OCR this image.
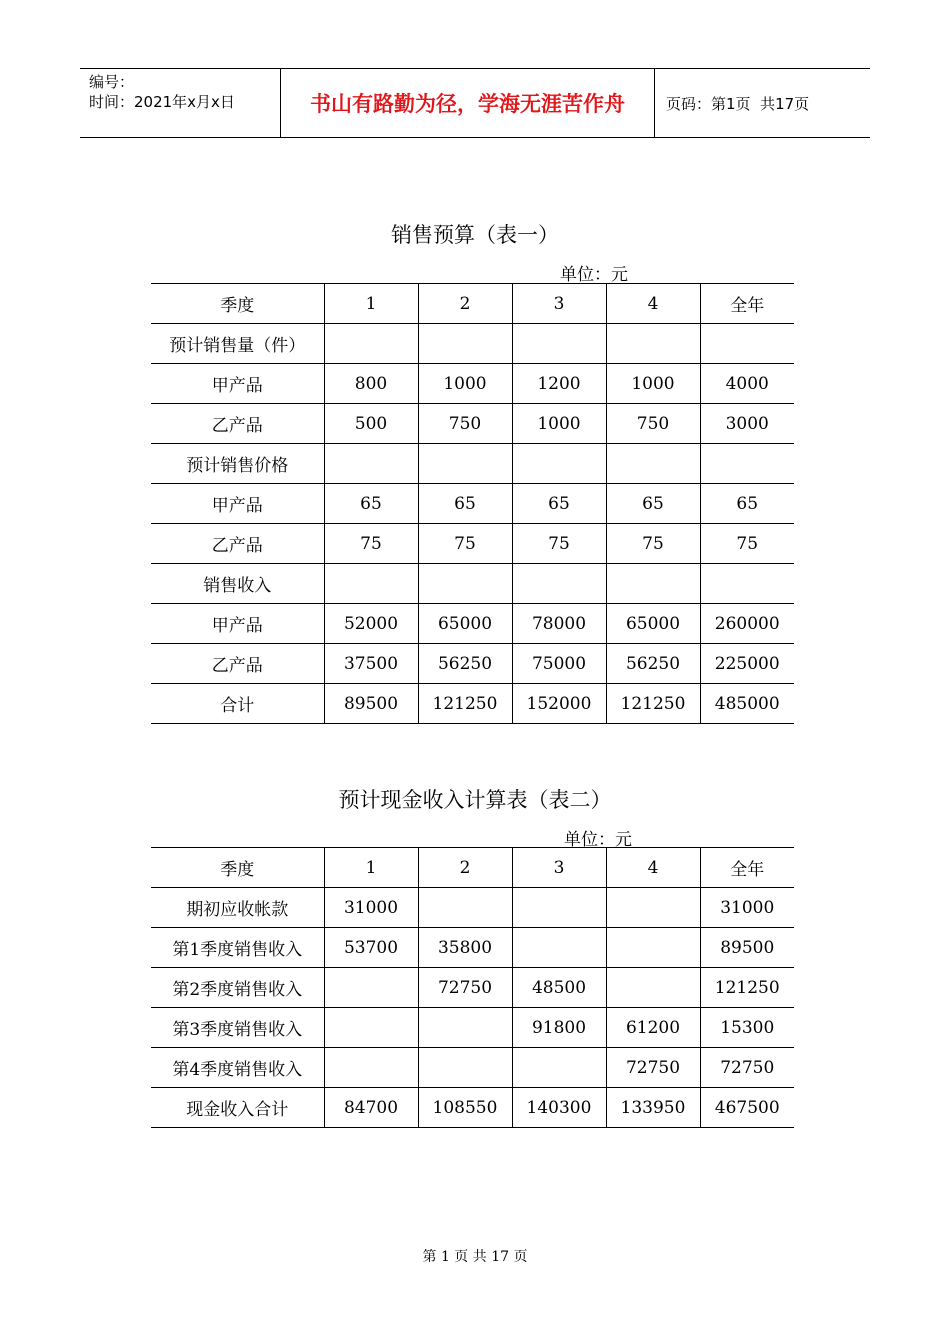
编号：
时间：2021年x月x日	书山有路勤为径，学海无涯苦作舟	页码：第1页  共17页
销售预算（表一）
单位：元
季度	1	2	3	4	全年
预计销售量（件）					
甲产品	800	1000	1200	1000	4000
乙产品	500	750	1000	750	3000
预计销售价格					
甲产品	65	65	65	65	65
乙产品	75	75	75	75	75
销售收入					
甲产品	52000	65000	78000	65000	260000
乙产品	37500	56250	75000	56250	225000
合计	89500	121250	152000	121250	485000
预计现金收入计算表（表二）
单位：元
季度	1	2	3	4	全年
期初应收帐款	31000				31000
第1季度销售收入	53700	35800			89500
第2季度销售收入		72750	48500		121250
第3季度销售收入			91800	61200	15300
第4季度销售收入				72750	72750
现金收入合计	84700	108550	140300	133950	467500
第 1 页 共 17 页
